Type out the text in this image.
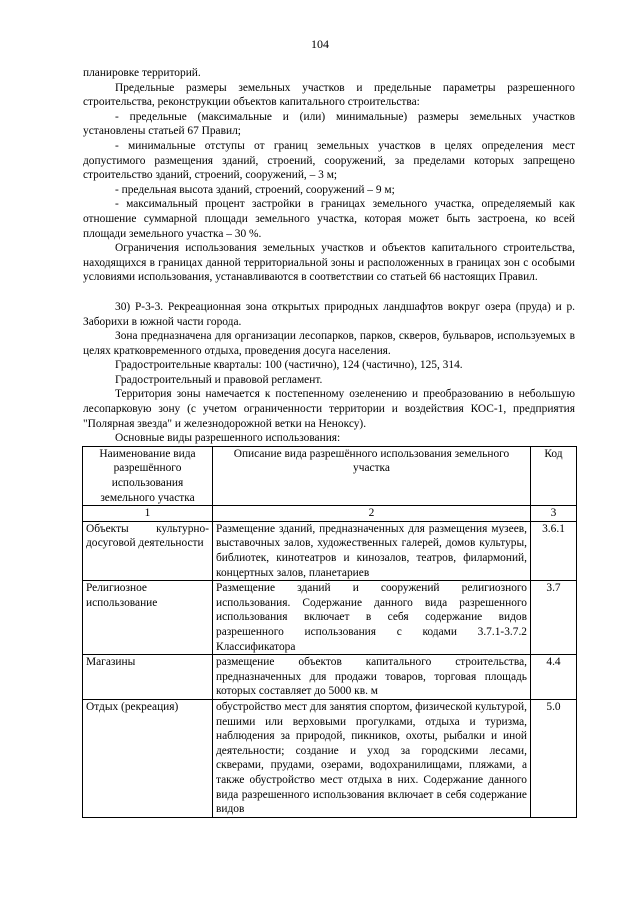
104

планировке территорий.

Предельные размеры земельных участков и предельные параметры разрешенного строительства, реконструкции объектов капитального строительства:

- предельные (максимальные и (или) минимальные) размеры земельных участков установлены статьей 67 Правил;

- минимальные отступы от границ земельных участков в целях определения мест допустимого размещения зданий, строений, сооружений, за пределами которых запрещено строительство зданий, строений, сооружений, – 3 м;

- предельная высота зданий, строений, сооружений – 9 м;

- максимальный процент застройки в границах земельного участка, определяемый как отношение суммарной площади земельного участка, которая может быть застроена, ко всей площади земельного участка – 30 %.

Ограничения использования земельных участков и объектов капитального строительства, находящихся в границах данной территориальной зоны и расположенных в границах зон с особыми условиями использования, устанавливаются в соответствии со статьей 66 настоящих Правил.

30) Р-3-3. Рекреационная зона открытых природных ландшафтов вокруг озера (пруда) и р. Заборихи в южной части города.

Зона предназначена для организации лесопарков, парков, скверов, бульваров, используемых в целях кратковременного отдыха, проведения досуга населения.

Градостроительные кварталы: 100 (частично), 124 (частично), 125, 314.

Градостроительный и правовой регламент.

Территория зоны намечается к постепенному озеленению и преобразованию в небольшую лесопарковую зону (с учетом ограниченности территории и воздействия КОС-1, предприятия "Полярная звезда" и железнодорожной ветки на Неноксу).

Основные виды разрешенного использования:

Наименование вида разрешённого использования земельного участка	Описание вида разрешённого использования земельного участка	Код
1	2	3
Объекты культурно-досуговой деятельности	Размещение зданий, предназначенных для размещения музеев, выставочных залов, художественных галерей, домов культуры, библиотек, кинотеатров и кинозалов, театров, филармоний, концертных залов, планетариев	3.6.1
Религиозное использование	Размещение зданий и сооружений религиозного использования. Содержание данного вида разрешенного использования включает в себя содержание видов разрешенного использования с кодами 3.7.1-3.7.2 Классификатора	3.7
Магазины	размещение объектов капитального строительства, предназначенных для продажи товаров, торговая площадь которых составляет до 5000 кв. м	4.4
Отдых (рекреация)	обустройство мест для занятия спортом, физической культурой, пешими или верховыми прогулками, отдыха и туризма, наблюдения за природой, пикников, охоты, рыбалки и иной деятельности; создание и уход за городскими лесами, скверами, прудами, озерами, водохранилищами, пляжами, а также обустройство мест отдыха в них. Содержание данного вида разрешенного использования включает в себя содержание видов	5.0
